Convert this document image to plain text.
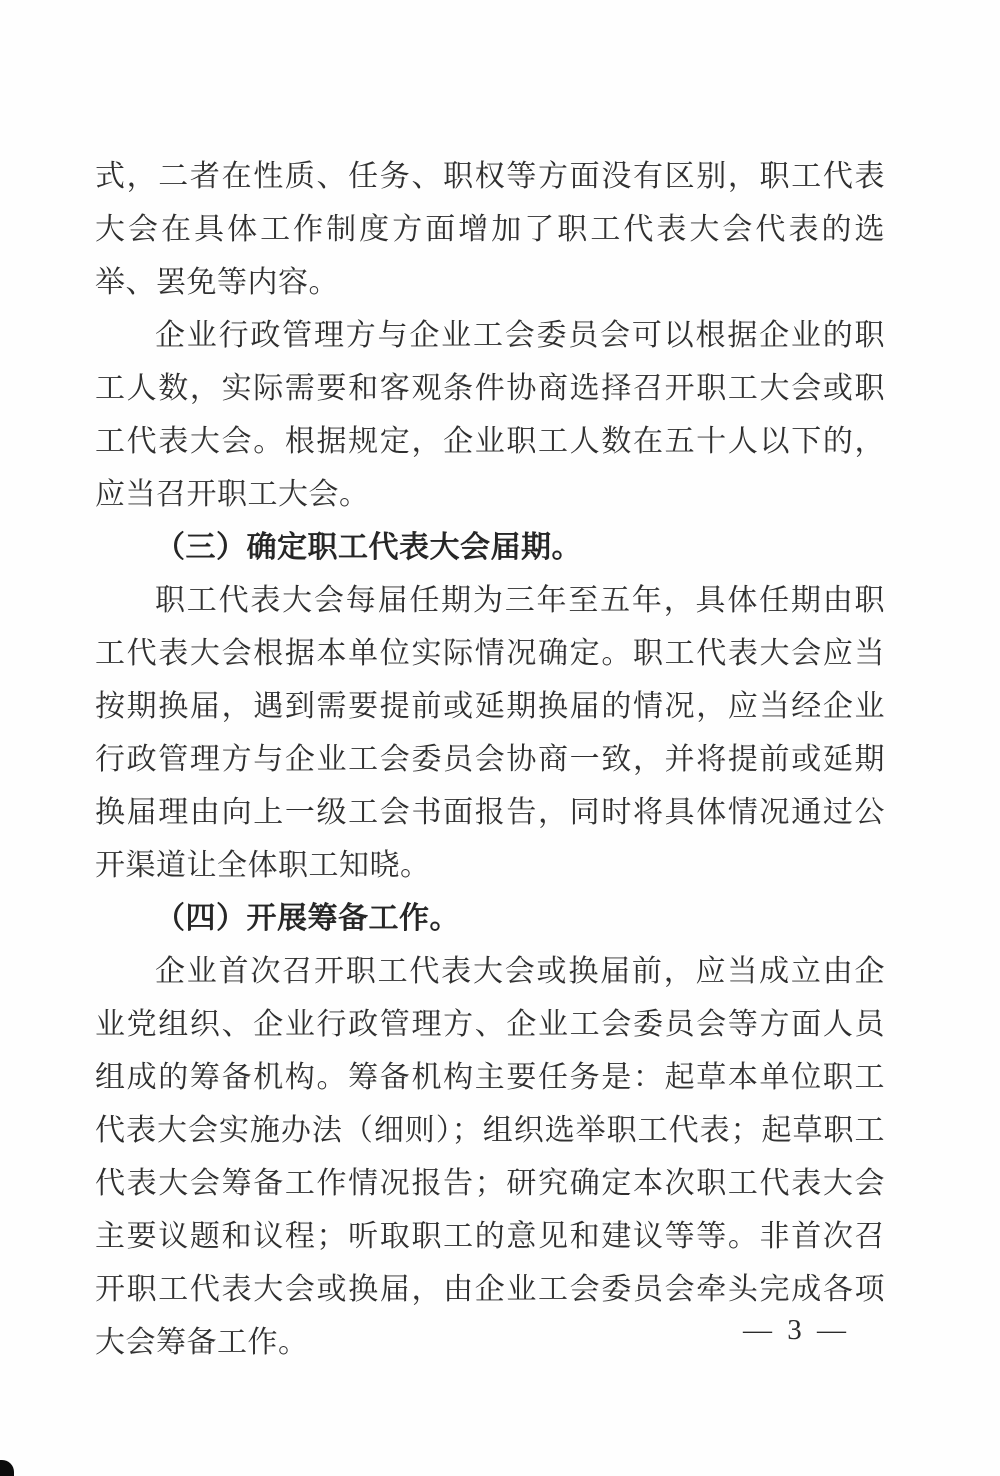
式，二者在性质、任务、职权等方面没有区别，职工代表大会在具体工作制度方面增加了职工代表大会代表的选举、罢免等内容。

企业行政管理方与企业工会委员会可以根据企业的职工人数，实际需要和客观条件协商选择召开职工大会或职工代表大会。根据规定，企业职工人数在五十人以下的，应当召开职工大会。

（三）确定职工代表大会届期。

职工代表大会每届任期为三年至五年，具体任期由职工代表大会根据本单位实际情况确定。职工代表大会应当按期换届，遇到需要提前或延期换届的情况，应当经企业行政管理方与企业工会委员会协商一致，并将提前或延期换届理由向上一级工会书面报告，同时将具体情况通过公开渠道让全体职工知晓。

（四）开展筹备工作。

企业首次召开职工代表大会或换届前，应当成立由企业党组织、企业行政管理方、企业工会委员会等方面人员组成的筹备机构。筹备机构主要任务是：起草本单位职工代表大会实施办法（细则）；组织选举职工代表；起草职工代表大会筹备工作情况报告；研究确定本次职工代表大会主要议题和议程；听取职工的意见和建议等等。非首次召开职工代表大会或换届，由企业工会委员会牵头完成各项大会筹备工作。	— 3 —
